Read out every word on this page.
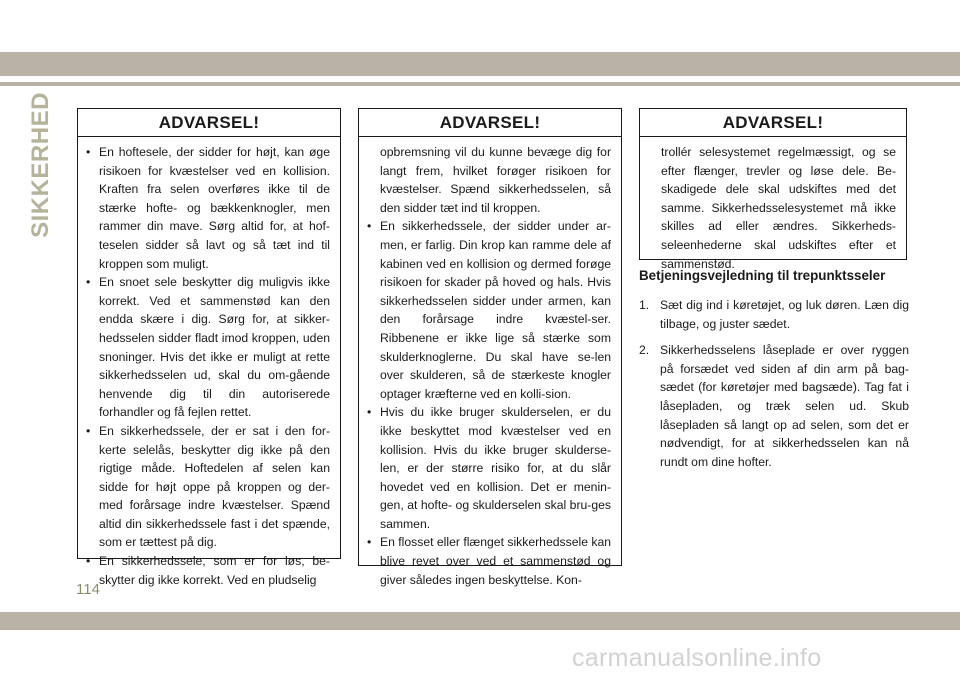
SIKKERHED	ADVARSEL!
• En hoftesele, der sidder for højt, kan øge risikoen for kvæstelser ved en kollision. Kraften fra selen overføres ikke til de stærke hofte- og bækkenknogler, men rammer din mave. Sørg altid for, at hof-teselen sidder så lavt og så tæt ind til kroppen som muligt.
• En snoet sele beskytter dig muligvis ikke korrekt. Ved et sammenstød kan den endda skære i dig. Sørg for, at sikker-hedsselen sidder fladt imod kroppen, uden snoninger. Hvis det ikke er muligt at rette sikkerhedsselen ud, skal du om-gående henvende dig til din autoriserede forhandler og få fejlen rettet.
• En sikkerhedssele, der er sat i den for-kerte selelås, beskytter dig ikke på den rigtige måde. Hoftedelen af selen kan sidde for højt oppe på kroppen og der-med forårsage indre kvæstelser. Spænd altid din sikkerhedssele fast i det spænde, som er tættest på dig.
• En sikkerhedssele, som er for løs, be-skytter dig ikke korrekt. Ved en pludselig
ADVARSEL!
opbremsning vil du kunne bevæge dig for langt frem, hvilket forøger risikoen for kvæstelser. Spænd sikkerhedsselen, så den sidder tæt ind til kroppen.
• En sikkerhedssele, der sidder under ar-men, er farlig. Din krop kan ramme dele af kabinen ved en kollision og dermed forøge risikoen for skader på hoved og hals. Hvis sikkerhedsselen sidder under armen, kan den forårsage indre kvæstel-ser. Ribbenene er ikke lige så stærke som skulderknoglerne. Du skal have se-len over skulderen, så de stærkeste knogler optager kræfterne ved en kolli-sion.
• Hvis du ikke bruger skulderselen, er du ikke beskyttet mod kvæstelser ved en kollision. Hvis du ikke bruger skulderse-len, er der større risiko for, at du slår hovedet ved en kollision. Det er menin-gen, at hofte- og skulderselen skal bru-ges sammen.
• En flosset eller flænget sikkerhedssele kan blive revet over ved et sammenstød og giver således ingen beskyttelse. Kon-
ADVARSEL!
trollér selesystemet regelmæssigt, og se efter flænger, trevler og løse dele. Be-skadigede dele skal udskiftes med det samme. Sikkerhedsselesystemet må ikke skilles ad eller ændres. Sikkerheds-seleenhederne skal udskiftes efter et sammenstød.
Betjeningsvejledning til trepunktsseler
1. Sæt dig ind i køretøjet, og luk døren. Læn dig tilbage, og juster sædet.
2. Sikkerhedsselens låseplade er over ryggen på forsædet ved siden af din arm på bag-sædet (for køretøjer med bagsæde). Tag fat i låsepladen, og træk selen ud. Skub låsepladen så langt op ad selen, som det er nødvendigt, for at sikkerhedsselen kan nå rundt om dine hofter.
114
carmanualsonline.info
